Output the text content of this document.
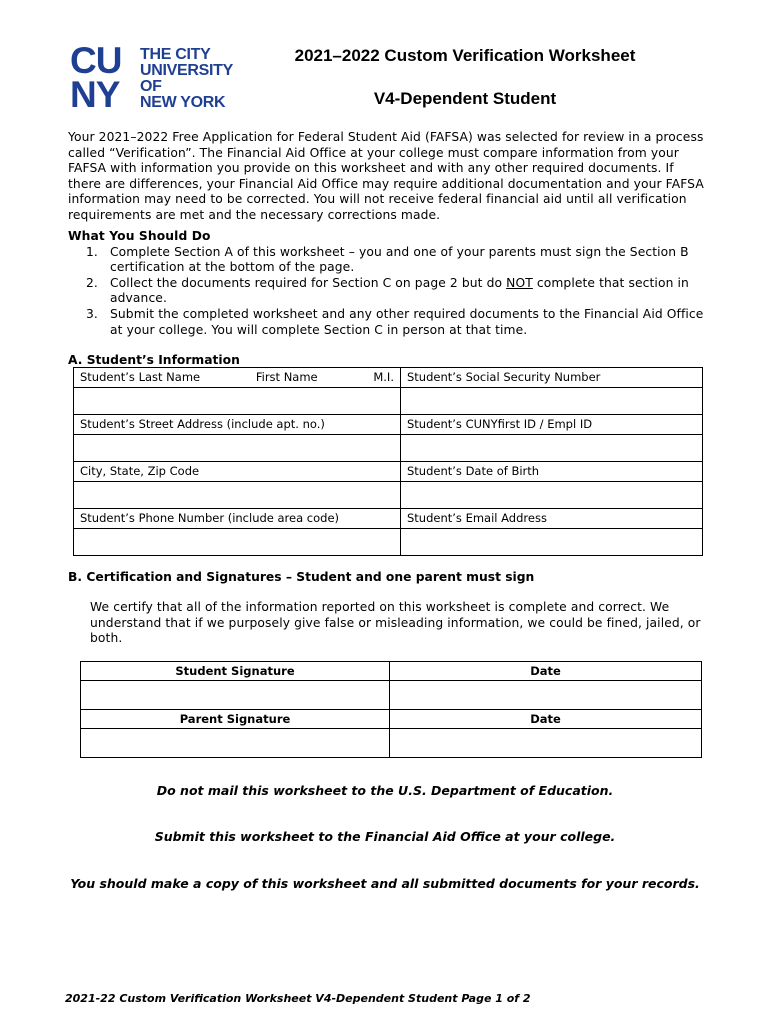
CU
NY
THE CITY
UNIVERSITY
OF
NEW YORK
2021–2022 Custom Verification Worksheet
V4-Dependent Student
Your 2021–2022 Free Application for Federal Student Aid (FAFSA) was selected for review in a process called “Verification”. The Financial Aid Office at your college must compare information from your FAFSA with information you provide on this worksheet and with any other required documents. If there are differences, your Financial Aid Office may require additional documentation and your FAFSA information may need to be corrected. You will not receive federal financial aid until all verification requirements are met and the necessary corrections made.
What You Should Do
1. Complete Section A of this worksheet – you and one of your parents must sign the Section B certification at the bottom of the page.
2. Collect the documents required for Section C on page 2 but do NOT complete that section in advance.
3. Submit the completed worksheet and any other required documents to the Financial Aid Office at your college. You will complete Section C in person at that time.
A. Student’s Information
Student’s Last Name First Name M.I.	Student’s Social Security Number

Student’s Street Address (include apt. no.)	Student’s CUNYfirst ID / Empl ID

City, State, Zip Code	Student’s Date of Birth

Student’s Phone Number (include area code)	Student’s Email Address

B. Certification and Signatures – Student and one parent must sign
We certify that all of the information reported on this worksheet is complete and correct. We understand that if we purposely give false or misleading information, we could be fined, jailed, or both.
Student Signature	Date

Parent Signature	Date

Do not mail this worksheet to the U.S. Department of Education.
Submit this worksheet to the Financial Aid Office at your college.
You should make a copy of this worksheet and all submitted documents for your records.
2021-22 Custom Verification Worksheet V4-Dependent Student Page 1 of 2
